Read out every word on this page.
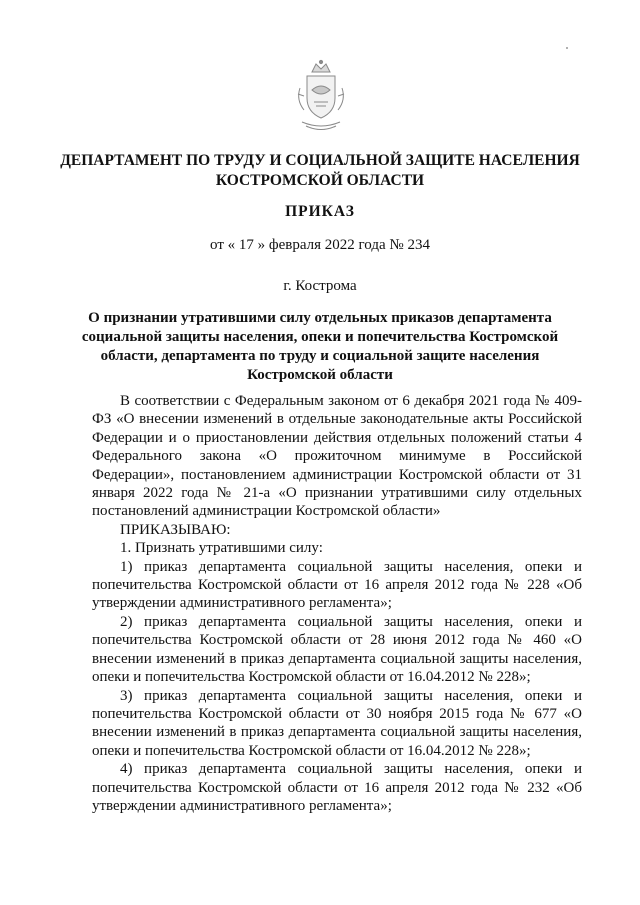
ДЕПАРТАМЕНТ ПО ТРУДУ И СОЦИАЛЬНОЙ ЗАЩИТЕ НАСЕЛЕНИЯ КОСТРОМСКОЙ ОБЛАСТИ
ПРИКАЗ
от « 17 » февраля 2022 года № 234
г. Кострома
О признании утратившими силу отдельных приказов департамента социальной защиты населения, опеки и попечительства Костромской области, департамента по труду и социальной защите населения Костромской области

В соответствии с Федеральным законом от 6 декабря 2021 года № 409-ФЗ «О внесении изменений в отдельные законодательные акты Российской Федерации и о приостановлении действия отдельных положений статьи 4 Федерального закона «О прожиточном минимуме в Российской Федерации», постановлением администрации Костромской области от 31 января 2022 года № 21-а «О признании утратившими силу отдельных постановлений администрации Костромской области»

ПРИКАЗЫВАЮ:

1. Признать утратившими силу:

1) приказ департамента социальной защиты населения, опеки и попечительства Костромской области от 16 апреля 2012 года № 228 «Об утверждении административного регламента»;

2) приказ департамента социальной защиты населения, опеки и попечительства Костромской области от 28 июня 2012 года № 460 «О внесении изменений в приказ департамента социальной защиты населения, опеки и попечительства Костромской области от 16.04.2012 № 228»;

3) приказ департамента социальной защиты населения, опеки и попечительства Костромской области от 30 ноября 2015 года № 677 «О внесении изменений в приказ департамента социальной защиты населения, опеки и попечительства Костромской области от 16.04.2012 № 228»;

4) приказ департамента социальной защиты населения, опеки и попечительства Костромской области от 16 апреля 2012 года № 232 «Об утверждении административного регламента»;
